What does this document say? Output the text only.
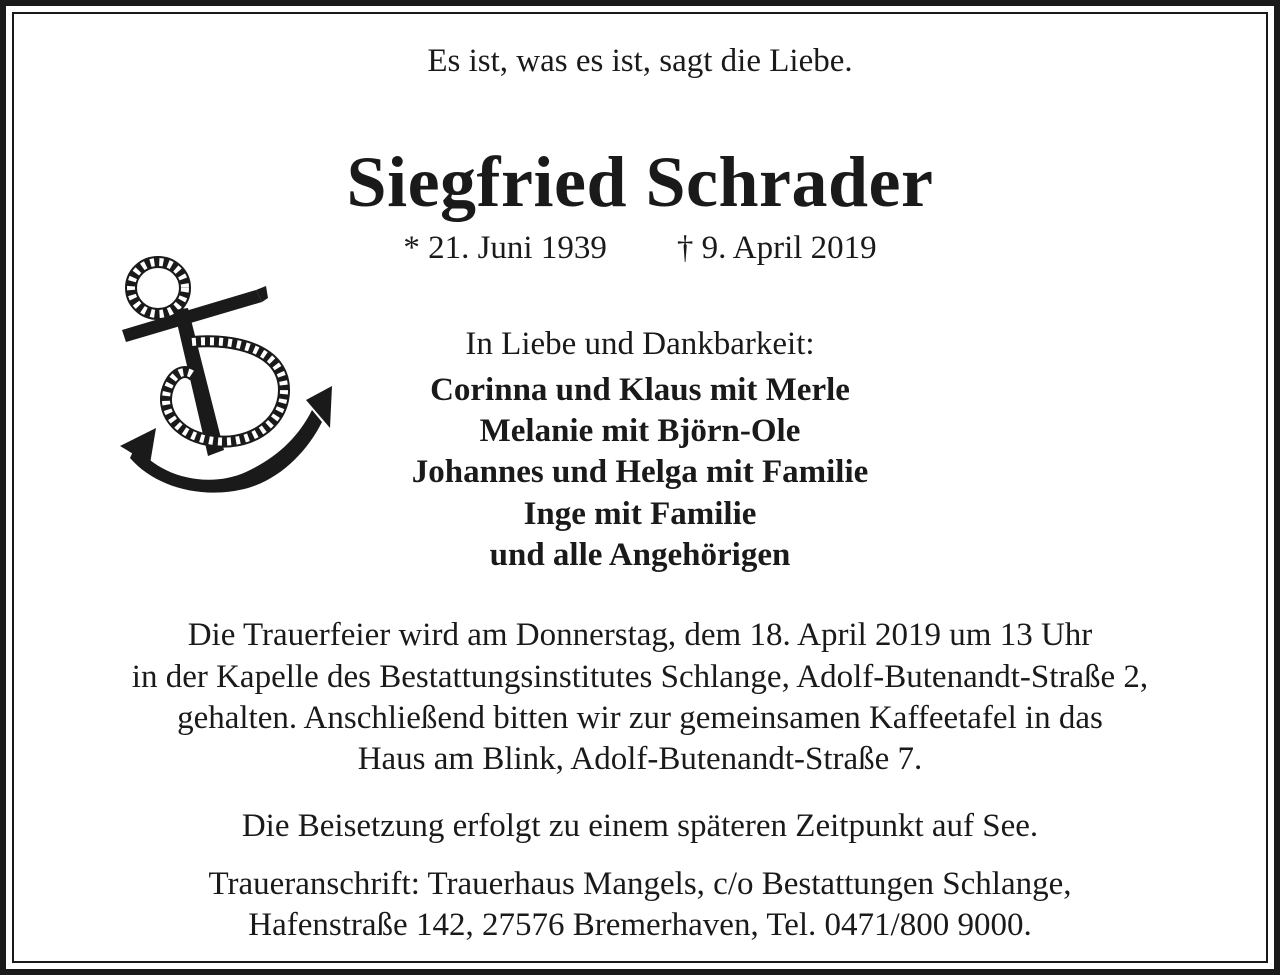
Es ist, was es ist, sagt die Liebe.
Siegfried Schrader
* 21. Juni 1939 † 9. April 2019
In Liebe und Dankbarkeit:
Corinna und Klaus mit Merle
Melanie mit Björn-Ole
Johannes und Helga mit Familie
Inge mit Familie
und alle Angehörigen
Die Trauerfeier wird am Donnerstag, dem 18. April 2019 um 13 Uhr
in der Kapelle des Bestattungsinstitutes Schlange, Adolf-Butenandt-Straße 2,
gehalten. Anschließend bitten wir zur gemeinsamen Kaffeetafel in das
Haus am Blink, Adolf-Butenandt-Straße 7.
Die Beisetzung erfolgt zu einem späteren Zeitpunkt auf See.
Traueranschrift: Trauerhaus Mangels, c/o Bestattungen Schlange,
Hafenstraße 142, 27576 Bremerhaven, Tel. 0471/800 9000.
